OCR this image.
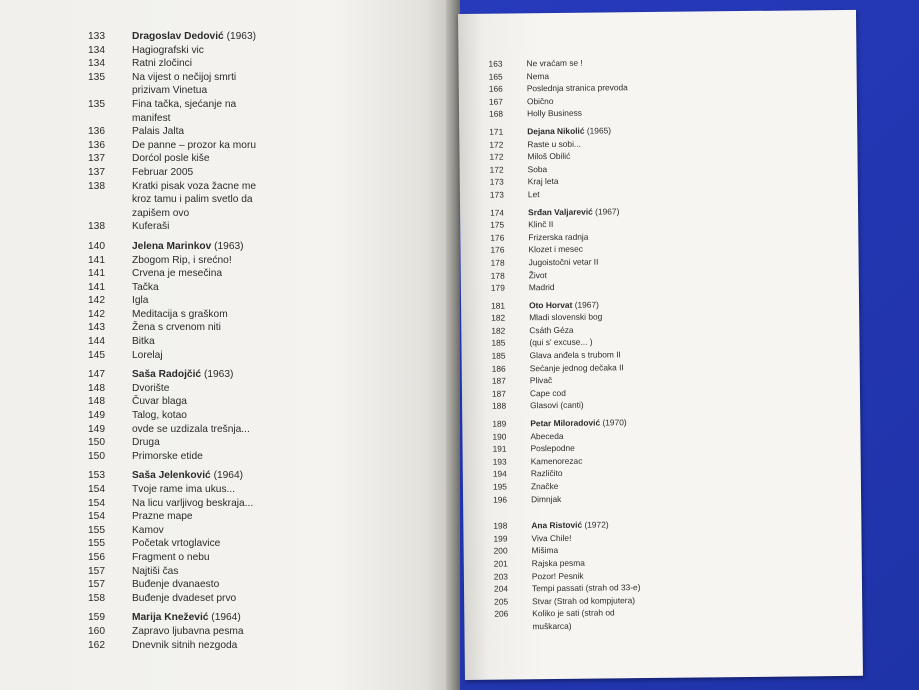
133	Dragoslav Dedović (1963)
134	Hagiografski vic
134	Ratni zločinci
135	Na vijest o nečijoj smrti
prizivam Vinetua
135	Fina tačka, sjećanje na
manifest
136	Palais Jalta
136	De panne – prozor ka moru
137	Dorćol posle kiše
137	Februar 2005
138	Kratki pisak voza žacne me
kroz tamu i palim svetlo da
zapišem ovo
138	Kuferaši
140	Jelena Marinkov (1963)
141	Zbogom Rip, i srećno!
141	Crvena je mesečina
141	Tačka
142	Igla
142	Meditacija s graškom
143	Žena s crvenom niti
144	Bitka
145	Lorelaj
147	Saša Radojčić (1963)
148	Dvorište
148	Čuvar blaga
149	Talog, kotao
149	ovde se uzdizala trešnja...
150	Druga
150	Primorske etide
153	Saša Jelenković (1964)
154	Tvoje rame ima ukus...
154	Na licu varljivog beskraja...
154	Prazne mape
155	Kamov
155	Početak vrtoglavice
156	Fragment o nebu
157	Najtiši čas
157	Buđenje dvanaesto
158	Buđenje dvadeset prvo
159	Marija Knežević (1964)
160	Zapravo ljubavna pesma
162	Dnevnik sitnih nezgoda
163	Ne vraćam se !
165	Nema
166	Poslednja stranica prevoda
167	Obično
168	Holly Business
171	Dejana Nikolić (1965)
172	Raste u sobi...
172	Miloš Obilić
172	Soba
173	Kraj leta
173	Let
174	Srđan Valjarević (1967)
175	Klinč II
176	Frizerska radnja
176	Klozet i mesec
178	Jugoistočni vetar II
178	Život
179	Madrid
181	Oto Horvat (1967)
182	Mladi slovenski bog
182	Csáth Géza
185	(qui s' excuse... )
185	Glava anđela s trubom II
186	Sećanje jednog dečaka II
187	Plivač
187	Cape cod
188	Glasovi (canti)
189	Petar Miloradović (1970)
190	Abeceda
191	Poslepodne
193	Kamenorezac
194	Različito
195	Značke
196	Dimnjak
198	Ana Ristović (1972)
199	Viva Chile!
200	Mišima
201	Rajska pesma
203	Pozor! Pesnik
204	Tempi passati (strah od 33-e)
205	Stvar (Strah od kompjutera)
206	Koliko je sati (strah od
muškarca)
